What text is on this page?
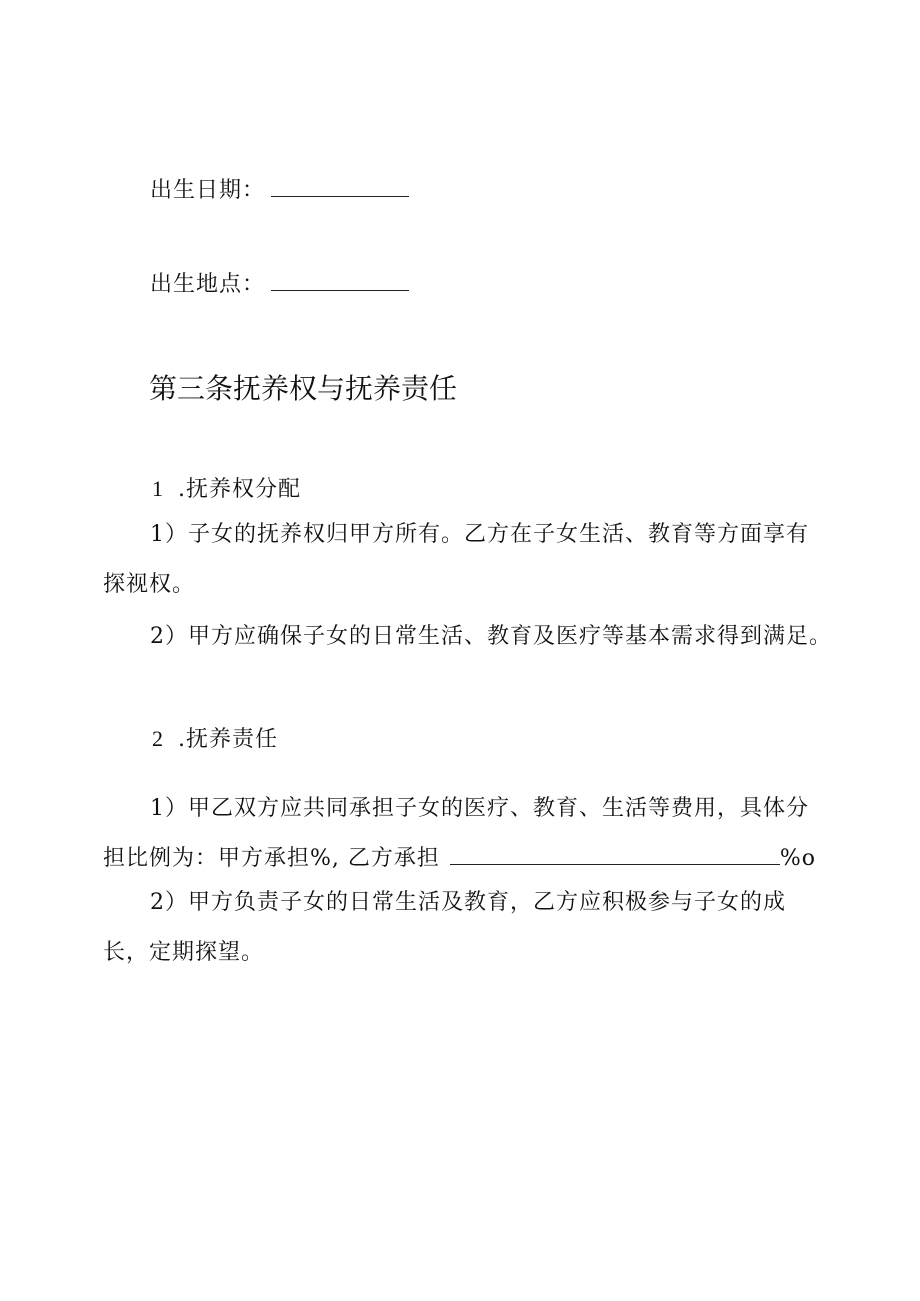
出生日期：
出生地点：
第三条抚养权与抚养责任
1 .抚养权分配
1）子女的抚养权归甲方所有。乙方在子女生活、教育等方面享有
探视权。
2）甲方应确保子女的日常生活、教育及医疗等基本需求得到满足。
2 .抚养责任
1）甲乙双方应共同承担子女的医疗、教育、生活等费用，具体分
担比例为：甲方承担%, 乙方承担	%o
2）甲方负责子女的日常生活及教育，乙方应积极参与子女的成
长，定期探望。
